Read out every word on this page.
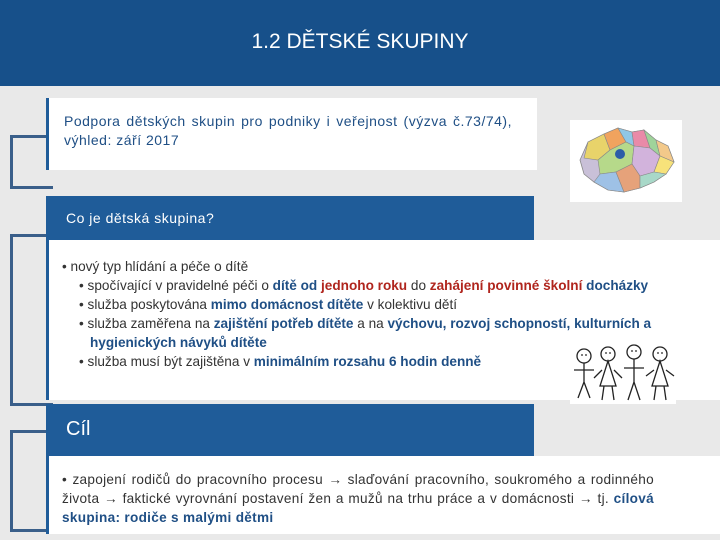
1.2 DĚTSKÉ SKUPINY
Podpora dětských skupin pro podniky i veřejnost (výzva č.73/74), výhled: září 2017
Co je dětská skupina?
• nový typ hlídání a péče o dítě
• spočívající v pravidelné péči o dítě od jednoho roku do zahájení povinné školní docházky
• služba poskytována mimo domácnost dítěte v kolektivu dětí
• služba zaměřena na zajištění potřeb dítěte a na výchovu, rozvoj schopností, kulturních a hygienických návyků dítěte
• služba musí být zajištěna v minimálním rozsahu 6 hodin denně
Cíl
• zapojení rodičů do pracovního procesu → slaďování pracovního, soukromého a rodinného života → faktické vyrovnání postavení žen a mužů na trhu práce a v domácnosti → tj. cílová skupina: rodiče s malými dětmi
